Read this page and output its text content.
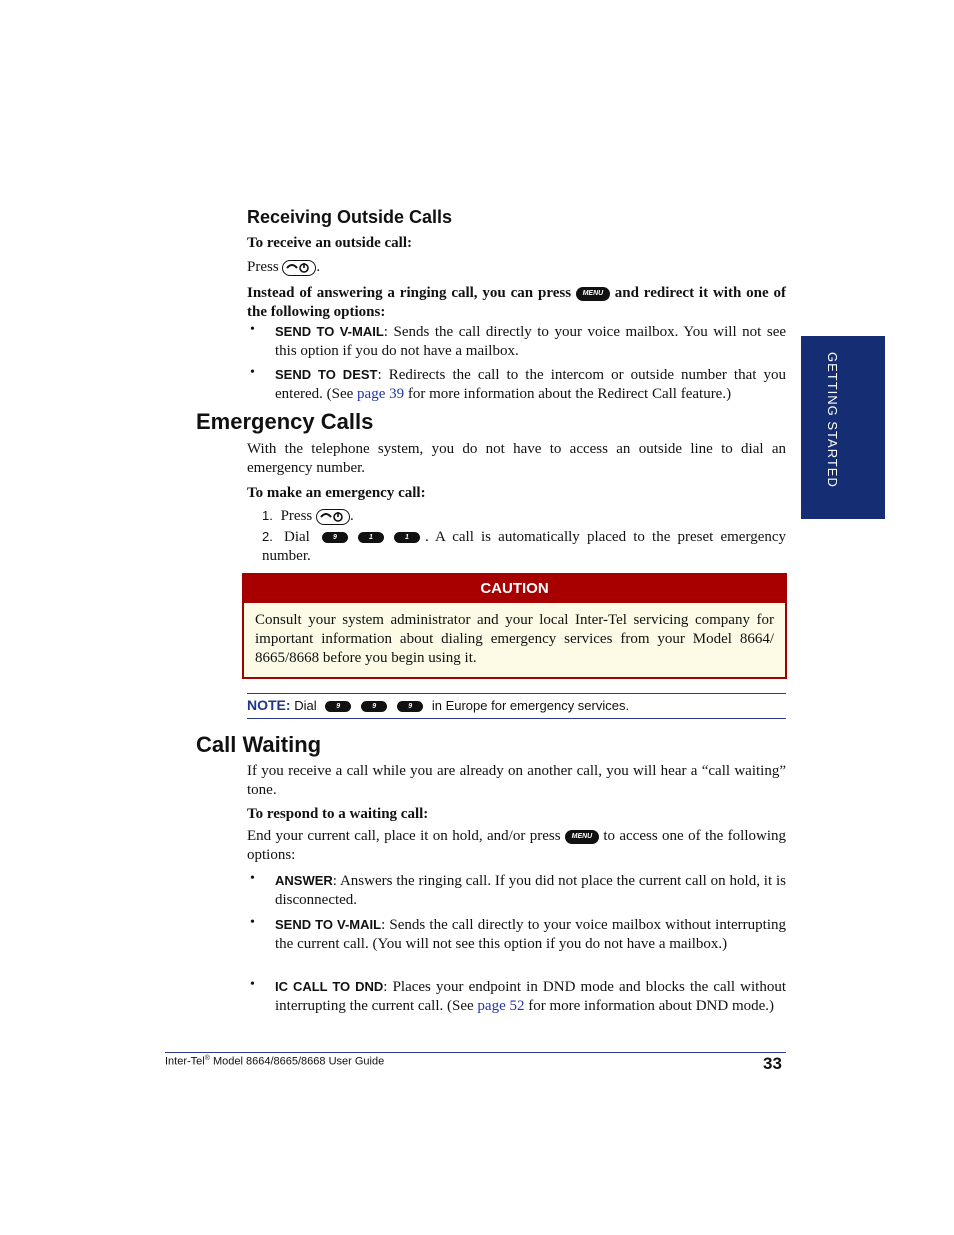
GETTING STARTED
Receiving Outside Calls
To receive an outside call:
Press	.
Instead of answering a ringing call, you can press MENU and redirect it with one of the following options:
• SEND TO V-MAIL: Sends the call directly to your voice mailbox. You will not see this option if you do not have a mailbox.
• SEND TO DEST: Redirects the call to the intercom or outside number that you entered. (See page 39 for more information about the Redirect Call feature.)
Emergency Calls
With the telephone system, you do not have to access an outside line to dial an emergency number.
To make an emergency call:
1. Press	.
2. Dial	9	1	1 . A call is automatically placed to the preset emergency number.
CAUTION
Consult your system administrator and your local Inter-Tel servicing company for important information about dialing emergency services from your Model 8664/ 8665/8668 before you begin using it.
NOTE: Dial	9	9	9 in Europe for emergency services.
Call Waiting
If you receive a call while you are already on another call, you will hear a “call waiting” tone.
To respond to a waiting call:
End your current call, place it on hold, and/or press MENU to access one of the following options:
• ANSWER: Answers the ringing call. If you did not place the current call on hold, it is disconnected.
• SEND TO V-MAIL: Sends the call directly to your voice mailbox without interrupting the current call. (You will not see this option if you do not have a mailbox.)
• IC CALL TO DND: Places your endpoint in DND mode and blocks the call without interrupting the current call. (See page 52 for more information about DND mode.)
Inter-Tel® Model 8664/8665/8668 User Guide	33
